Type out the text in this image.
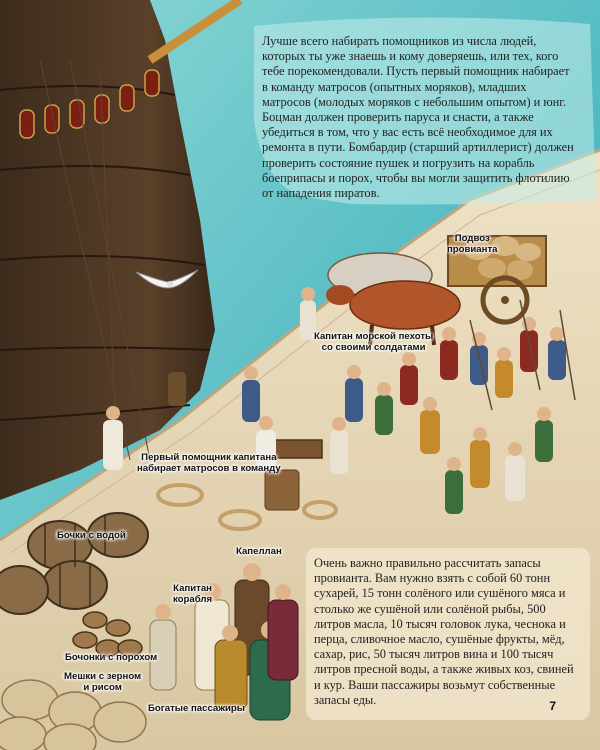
Лучше всего набирать помощников из числа людей, которых ты уже знаешь и кому доверяешь, или тех, кого тебе порекомендовали. Пусть первый помощник набирает в команду матросов (опытных моряков), младших матросов (молодых моряков с небольшим опытом) и юнг. Боцман должен проверить паруса и снасти, а также убедиться в том, что у вас есть всё необходимое для их ремонта в пути. Бомбардир (старший артиллерист) должен проверить состояние пушек и погрузить на корабль боеприпасы и порох, чтобы вы могли защитить флотилию от нападения пиратов.
Очень важно правильно рассчитать запасы провианта. Вам нужно взять с собой 60 тонн сухарей, 15 тонн солёного или сушёного мяса и столько же сушёной или солёной рыбы, 500 литров масла, 10 тысяч головок лука, чеснока и перца, сливочное масло, сушёные фрукты, мёд, сахар, рис, 50 тысяч литров вина и 100 тысяч литров пресной воды, а также живых коз, свиней и кур. Ваши пассажиры возьмут собственные запасы еды.
Подвоз
провианта
Капитан морской пехоты
со своими солдатами
Первый помощник капитана
набирает матросов в команду
Бочки с водой
Капеллан
Капитан
корабля
Бочонки с порохом
Мешки с зерном
и рисом
Богатые пассажиры	7
